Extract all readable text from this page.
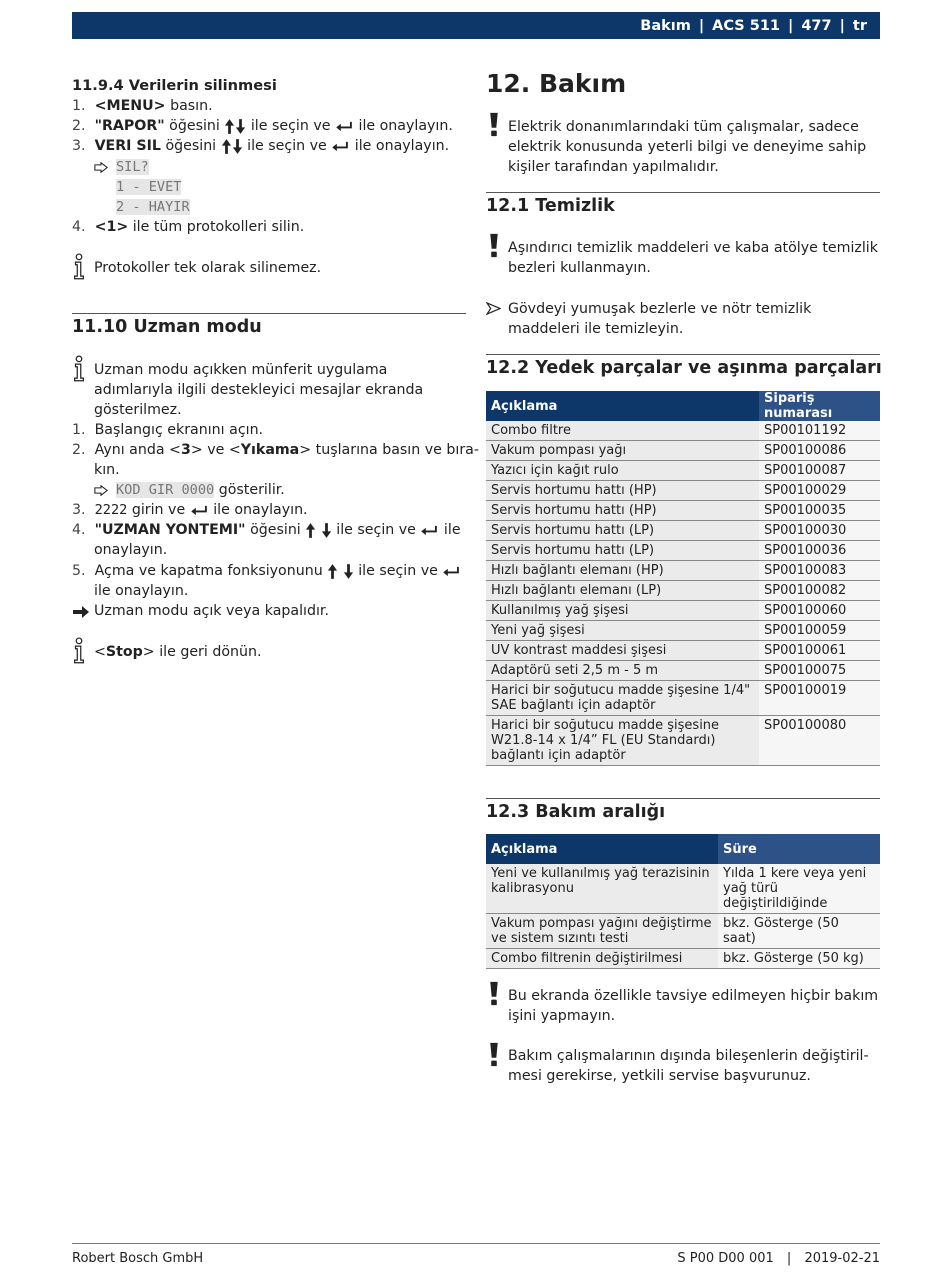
Bakım | ACS 511 | 477 | tr
11.9.4 Verilerin silinmesi
1. <MENU> basın.
2. "RAPOR" öğesini  ile seçin ve  ile onaylayın.
3. VERI SIL öğesini  ile seçin ve  ile onaylayın.
SIL?
1 - EVET
2 - HAYIR
4. <1> ile tüm protokolleri silin.
Protokoller tek olarak silinemez.
11.10 Uzman modu
Uzman modu açıkken münferit uygulama adımlarıyla ilgili destekleyici mesajlar ekranda gösterilmez.
1. Başlangıç ekranını açın.
2. Aynı anda <3> ve <Yıkama> tuşlarına basın ve bıra-
kın.
KOD GIR 0000 gösterilir.
3. 2222 girin ve  ile onaylayın.
4. "UZMAN YONTEMI" öğesini   ile seçin ve  ile
onaylayın.
5. Açma ve kapatma fonksiyonunu   ile seçin ve
ile onaylayın.
Uzman modu açık veya kapalıdır.
<Stop> ile geri dönün.
12. Bakım
Elektrik donanımlarındaki tüm çalışmalar, sadece elektrik konusunda yeterli bilgi ve deneyime sahip kişiler tarafından yapılmalıdır.
12.1 Temizlik
Aşındırıcı temizlik maddeleri ve kaba atölye temizlik bezleri kullanmayın.
Gövdeyi yumuşak bezlerle ve nötr temizlik maddeleri ile temizleyin.
12.2 Yedek parçalar ve aşınma parçaları
Açıklama	Sipariş numarası
Combo filtre	SP00101192
Vakum pompası yağı	SP00100086
Yazıcı için kağıt rulo	SP00100087
Servis hortumu hattı (HP)	SP00100029
Servis hortumu hattı (HP)	SP00100035
Servis hortumu hattı (LP)	SP00100030
Servis hortumu hattı (LP)	SP00100036
Hızlı bağlantı elemanı (HP)	SP00100083
Hızlı bağlantı elemanı (LP)	SP00100082
Kullanılmış yağ şişesi	SP00100060
Yeni yağ şişesi	SP00100059
UV kontrast maddesi şişesi	SP00100061
Adaptörü seti 2,5 m - 5 m	SP00100075
Harici bir soğutucu madde şişesine 1/4" SAE bağlantı için adaptör	SP00100019
Harici bir soğutucu madde şişesine W21.8-14 x 1/4” FL (EU Standardı) bağlantı için adaptör	SP00100080
12.3 Bakım aralığı
Açıklama	Süre
Yeni ve kullanılmış yağ terazisinin kalibrasyonu	Yılda 1 kere veya yeni yağ türü değiştirildiğinde
Vakum pompası yağını değiştirme ve sistem sızıntı testi	bkz. Gösterge (50 saat)
Combo filtrenin değiştirilmesi	bkz. Gösterge (50 kg)
Bu ekranda özellikle tavsiye edilmeyen hiçbir bakım işini yapmayın.
Bakım çalışmalarının dışında bileşenlerin değiştiril-mesi gerekirse, yetkili servise başvurunuz.
Robert Bosch GmbH	S P00 D00 001 | 2019-02-21
